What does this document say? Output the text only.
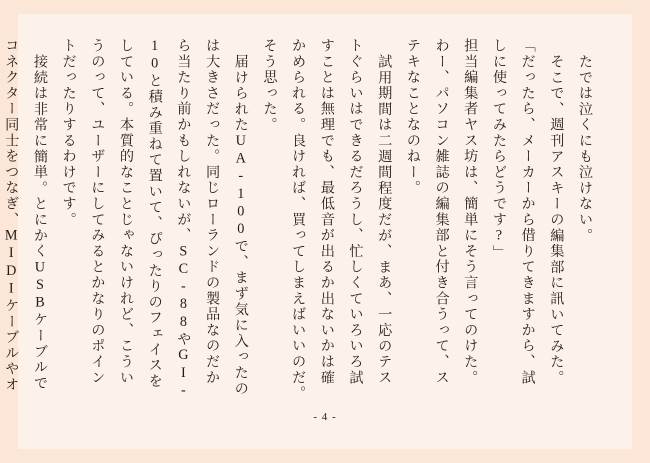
たでは泣くにも泣けない。
そこで、週刊アスキーの編集部に訊いてみた。
「だったら、メーカーから借りてきますから、試
しに使ってみたらどうです?」
担当編集者ヤス坊は、簡単にそう言ってのけた。
わー、パソコン雑誌の編集部と付き合うって、ス
テキなことなのねー。
試用期間は二週間程度だが、まあ、一応のテス
トぐらいはできるだろうし、忙しくていろいろ試
すことは無理でも、最低音が出るか出ないかは確
かめられる。良ければ、買ってしまえばいいのだ。
そう思った。
届けられたUA-100で、まず気に入ったの
は大きさだった。同じローランドの製品なのだか
ら当たり前かもしれないが、SC-88やGI-
10と積み重ねて置いて、ぴったりのフェイスを
している。本質的なことじゃないけれど、こうい
うのって、ユーザーにしてみるとかなりのポイン
トだったりするわけです。
接続は非常に簡単。とにかくUSBケーブルで
コネクター同士をつなぎ、MIDIケーブルやオ
- 4 -
